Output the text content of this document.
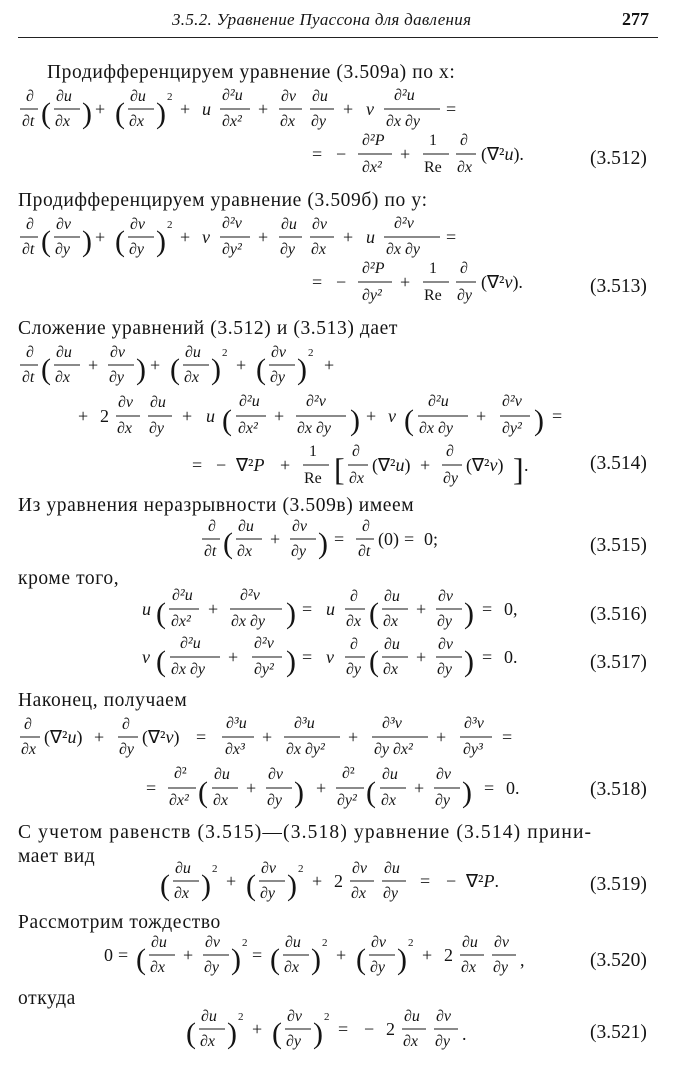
3.5.2. Уравнение Пуассона для давления	277
Продифференцируем уравнение (3.509а) по x:
∂
∂t (
∂u
∂x ) + (
∂u
∂x ) 2
+ u
∂²u
∂x²
+
∂v
∂x
∂u
∂y
+ v
∂²u
∂x ∂y
=
= −
∂²P
∂x²
+
1
Re
∂
∂x
(∇²u).	(3.512)
Продифференцируем уравнение (3.509б) по y:
∂
∂t (
∂v
∂y ) + (
∂v
∂y ) 2
+ v
∂²v
∂y²
+
∂u
∂y
∂v
∂x
+ u
∂²v
∂x ∂y
=
= −
∂²P
∂y²
+
1
Re
∂
∂y
(∇²v).	(3.513)
Сложение уравнений (3.512) и (3.513) дает
∂
∂t (
∂u
∂x
+
∂v
∂y ) + (
∂u
∂x ) 2
+ (
∂v
∂y ) 2
+
+ 2
∂v
∂x
∂u
∂y
+ u (
∂²u
∂x²
+
∂²v
∂x ∂y ) + v (
∂²u
∂x ∂y
+
∂²v
∂y² ) =
= − ∇²P +
1
Re [ ∂
∂x
(∇²u) +
∂
∂y
(∇²v) ] .	(3.514)
Из уравнения неразрывности (3.509в) имеем
∂
∂t (
∂u
∂x
+
∂v
∂y ) =
∂
∂t
(0) = 0;	(3.515)
кроме того,
u (
∂²u
∂x²
+
∂²v
∂x ∂y ) = u
∂
∂x (
∂u
∂x
+
∂v
∂y ) = 0,	(3.516)
v (
∂²u
∂x ∂y
+
∂²v
∂y² ) = v
∂
∂y (
∂u
∂x
+
∂v
∂y ) = 0.	(3.517)
Наконец, получаем
∂
∂x
(∇²u) +
∂
∂y
(∇²v) =
∂³u
∂x³
+
∂³u
∂x ∂y²
+
∂³v
∂y ∂x²
+
∂³v
∂y³
=
=
∂²
∂x² (
∂u
∂x
+
∂v
∂y ) +
∂²
∂y² (
∂u
∂x
+
∂v
∂y ) = 0.	(3.518)
С учетом равенств (3.515)—(3.518) уравнение (3.514) прини-
мает вид
(
∂u
∂x ) 2
+ (
∂v
∂y ) 2
+ 2
∂v
∂x
∂u
∂y
= − ∇²P.	(3.519)
Рассмотрим тождество
0 = (
∂u
∂x
+
∂v
∂y ) 2
= (
∂u
∂x ) 2
+ (
∂v
∂y ) 2
+ 2
∂u
∂x
∂v
∂y ,	(3.520)
откуда
(
∂u
∂x ) 2
+ (
∂v
∂y ) 2
= − 2
∂u
∂x
∂v
∂y .	(3.521)
